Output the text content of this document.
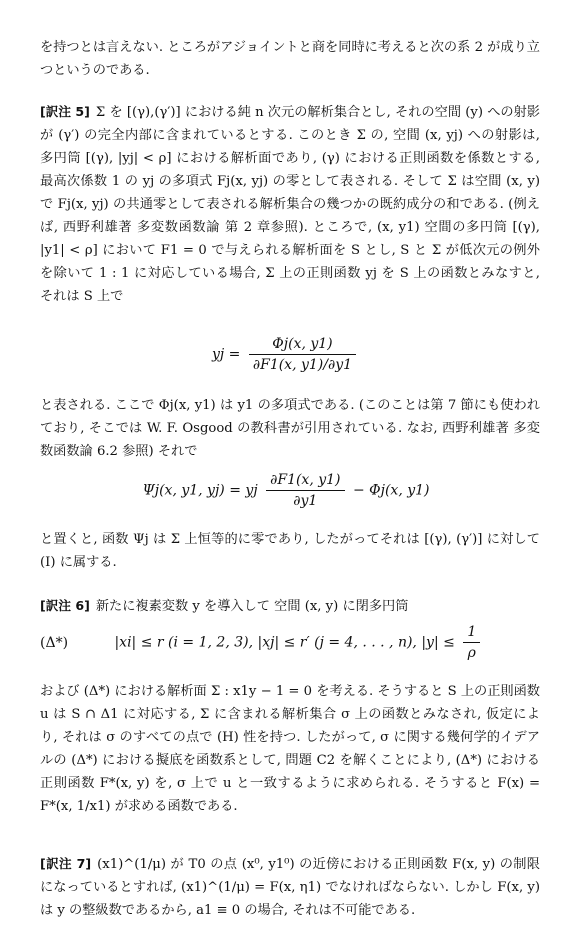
を持つとは言えない. ところがアジョイントと商を同時に考えると次の系 2 が成り立つというのである.
[訳注 5] Σ を [(γ),(γ′)] における純 n 次元の解析集合とし, それの空間 (y) への射影が (γ′) の完全内部に含まれているとする. このとき Σ の, 空間 (x, yj) への射影は, 多円筒 [(γ), |yj| < ρ] における解析面であり, (γ) における正則函数を係数とする, 最高次係数 1 の yj の多項式 Fj(x, yj) の零として表される. そして Σ は空間 (x, y) で Fj(x, yj) の共通零として表される解析集合の幾つかの既約成分の和である. (例えば, 西野利雄著 多変数函数論 第 2 章参照). ところで, (x, y1) 空間の多円筒 [(γ), |y1| < ρ] において F1 = 0 で与えられる解析面を S とし, S と Σ が低次元の例外を除いて 1 : 1 に対応している場合, Σ 上の正則函数 yj を S 上の函数とみなすと, それは S 上で
yj = $\frac{\Phi j(x, y1)}{\partial F1(x, y1)/\partial y1}$
と表される. ここで Φj(x, y1) は y1 の多項式である. (このことは第 7 節にも使われており, そこでは W. F. Osgood の教科書が引用されている. なお, 西野利雄著 多変数函数論 6.2 参照) それで
Ψj(x, y1, yj) = yj $\frac{\partial F1(x, y1)}{\partial y1} - \Phi j(x$, y1)
と置くと, 函数 Ψj は Σ 上恒等的に零であり, したがってそれは [(γ), (γ′)] に対して (I) に属する.
[訳注 6] 新たに複素変数 y を導入して 空間 (x, y) に閉多円筒
(Δ*)	|xi| ≤ r (i = 1, 2, 3), |xj| ≤ r′ (j = 4, . . . , n), $|y| \le \frac{1}{\rho}$
および (Δ*) における解析面 Σ : x1y − 1 = 0 を考える. そうすると S 上の正則函数 u は S ∩ Δ1 に対応する, Σ に含まれる解析集合 σ 上の函数とみなされ, 仮定により, それは σ のすべての点で (H) 性を持つ. したがって, σ に関する幾何学的イデアルの (Δ*) における擬底を函数系として, 問題 C2 を解くことにより, (Δ*) における正則函数 F*(x, y) を, σ 上で u と一致するように求められる. そうすると F(x) = F*(x, 1/x1) が求める函数である.
[訳注 7] (x1)^(1/μ) が T0 の点 (x⁰, y1⁰) の近傍における正則函数 F(x, y) の制限になっているとすれば, (x1)^(1/μ) = F(x, η1) でなければならない. しかし F(x, y) は y の整級数であるから, a1 ≡ 0 の場合, それは不可能である.
